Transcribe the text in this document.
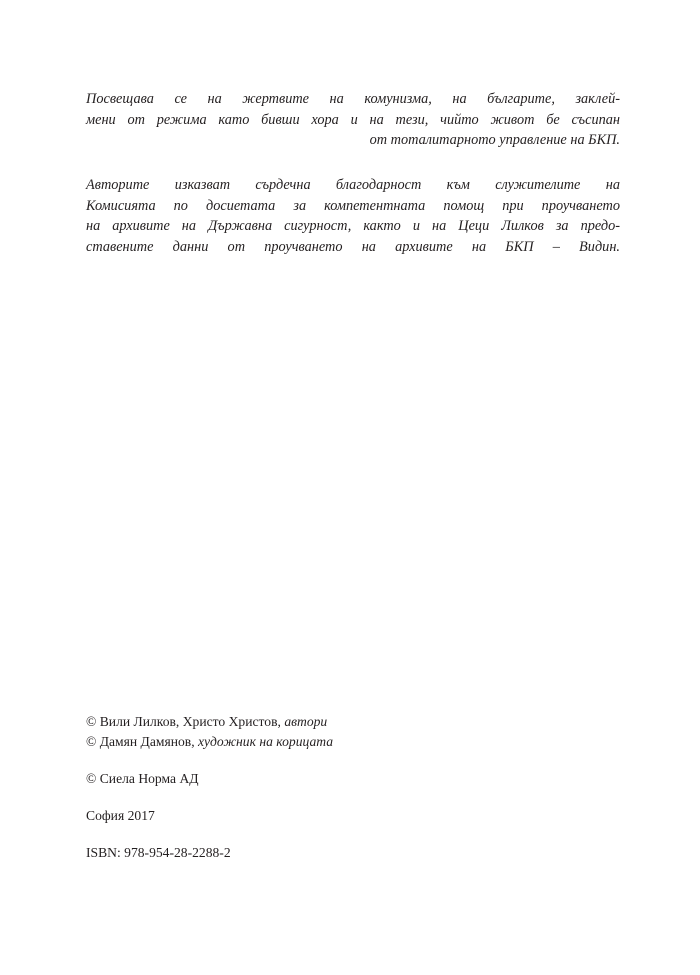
Посвещава се на жертвите на комунизма, на българите, заклей-
мени от режима като бивши хора и на тези, чийто живот бе съсипан
от тоталитарното управление на БКП.
Авторите изказват сърдечна благодарност към служителите на
Комисията по досиетата за компетентната помощ при проучването
на архивите на Държавна сигурност, както и на Цеци Лилков за предо-
ставените данни от проучването на архивите на БКП – Видин.
© Вили Лилков, Христо Христов, автори
© Дамян Дамянов, художник на корицата
© Сиела Норма АД
София 2017
ISBN: 978-954-28-2288-2
